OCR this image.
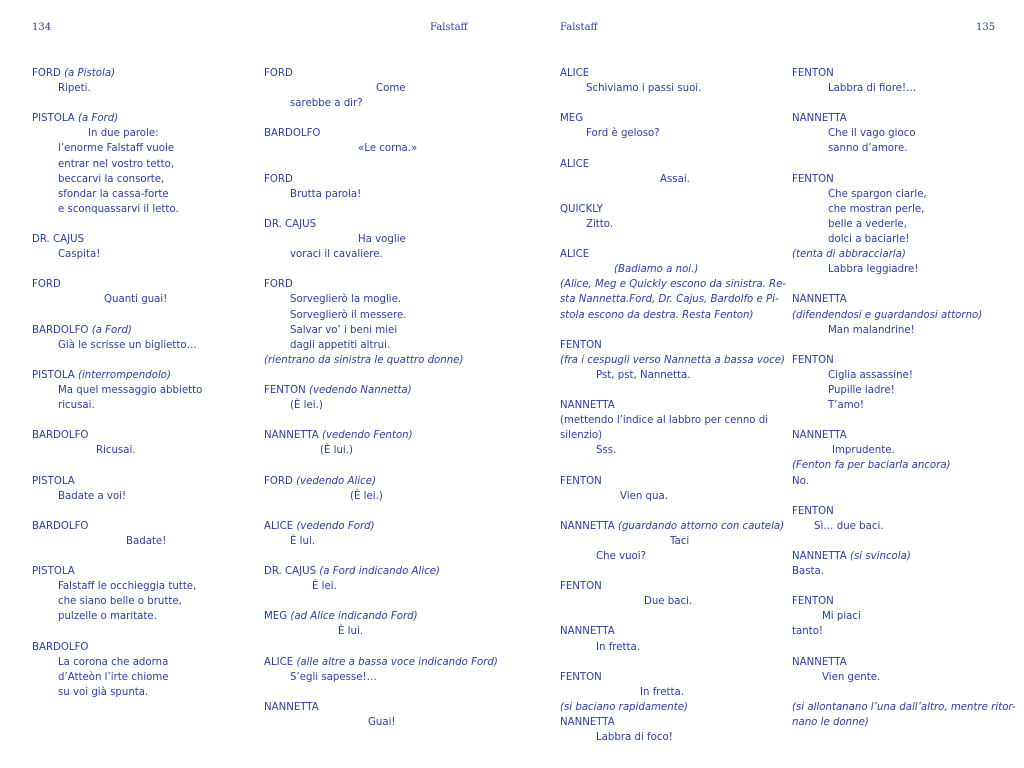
134	Falstaff	Falstaff	135
FORD (a Pistola)
Ripeti.
PISTOLA (a Ford)
In due parole:
l’enorme Falstaff vuole
entrar nel vostro tetto,
beccarvi la consorte,
sfondar la cassa-forte
e sconquassarvi il letto.
DR. CAJUS
Caspita!
FORD
Quanti guai!
BARDOLFO (a Ford)
Già le scrisse un biglietto…
PISTOLA (interrompendolo)
Ma quel messaggio abbietto
ricusai.
BARDOLFO
Ricusai.
PISTOLA
Badate a voi!
BARDOLFO
Badate!
PISTOLA
Falstaff le occhieggia tutte,
che siano belle o brutte,
pulzelle o maritate.
BARDOLFO
La corona che adorna
d’Atteòn l’irte chiome
su voi già spunta.
FORD
Come
sarebbe a dir?
BARDOLFO
«Le corna.»
FORD
Brutta parola!
DR. CAJUS
Ha voglie
voraci il cavaliere.
FORD
Sorveglierò la moglie.
Sorveglierò il messere.
Salvar vo’ i beni miei
dagli appetiti altrui.
(rientrano da sinistra le quattro donne)
FENTON (vedendo Nannetta)
(È lei.)
NANNETTA (vedendo Fenton)
(È lui.)
FORD (vedendo Alice)
(È lei.)
ALICE (vedendo Ford)
È lui.
DR. CAJUS (a Ford indicando Alice)
È lei.
MEG (ad Alice indicando Ford)
È lui.
ALICE (alle altre a bassa voce indicando Ford)
S’egli sapesse!…
NANNETTA
Guai!
ALICE
Schiviamo i passi suoi.
MEG
Ford è geloso?
ALICE
Assai.
QUICKLY
Zitto.
ALICE
(Badiamo a noi.)
(Alice, Meg e Quickly escono da sinistra. Re-
sta Nannetta.Ford, Dr. Cajus, Bardolfo e Pi-
stola escono da destra. Resta Fenton)
FENTON
(fra i cespugli verso Nannetta a bassa voce)
Pst, pst, Nannetta.
NANNETTA
(mettendo l’indice al labbro per cenno di
silenzio)
Sss.
FENTON
Vien qua.
NANNETTA (guardando attorno con cautela)
Taci
Che vuoi?
FENTON
Due baci.
NANNETTA
In fretta.
FENTON
In fretta.
(si baciano rapidamente)
NANNETTA
Labbra di foco!
FENTON
Labbra di fiore!…
NANNETTA
Che il vago gioco
sanno d’amore.
FENTON
Che spargon ciarle,
che mostran perle,
belle a vederle,
dolci a baciarle!
(tenta di abbracciarla)
Labbra leggiadre!
NANNETTA
(difendendosi e guardandosi attorno)
Man malandrine!
FENTON
Ciglia assassine!
Pupille ladre!
T’amo!
NANNETTA
Imprudente.
(Fenton fa per baciarla ancora)
No.
FENTON
Sì… due baci.
NANNETTA (si svincola)
Basta.
FENTON
Mi piaci
tanto!
NANNETTA
Vien gente.
(si allontanano l’una dall’altro, mentre ritor-
nano le donne)
